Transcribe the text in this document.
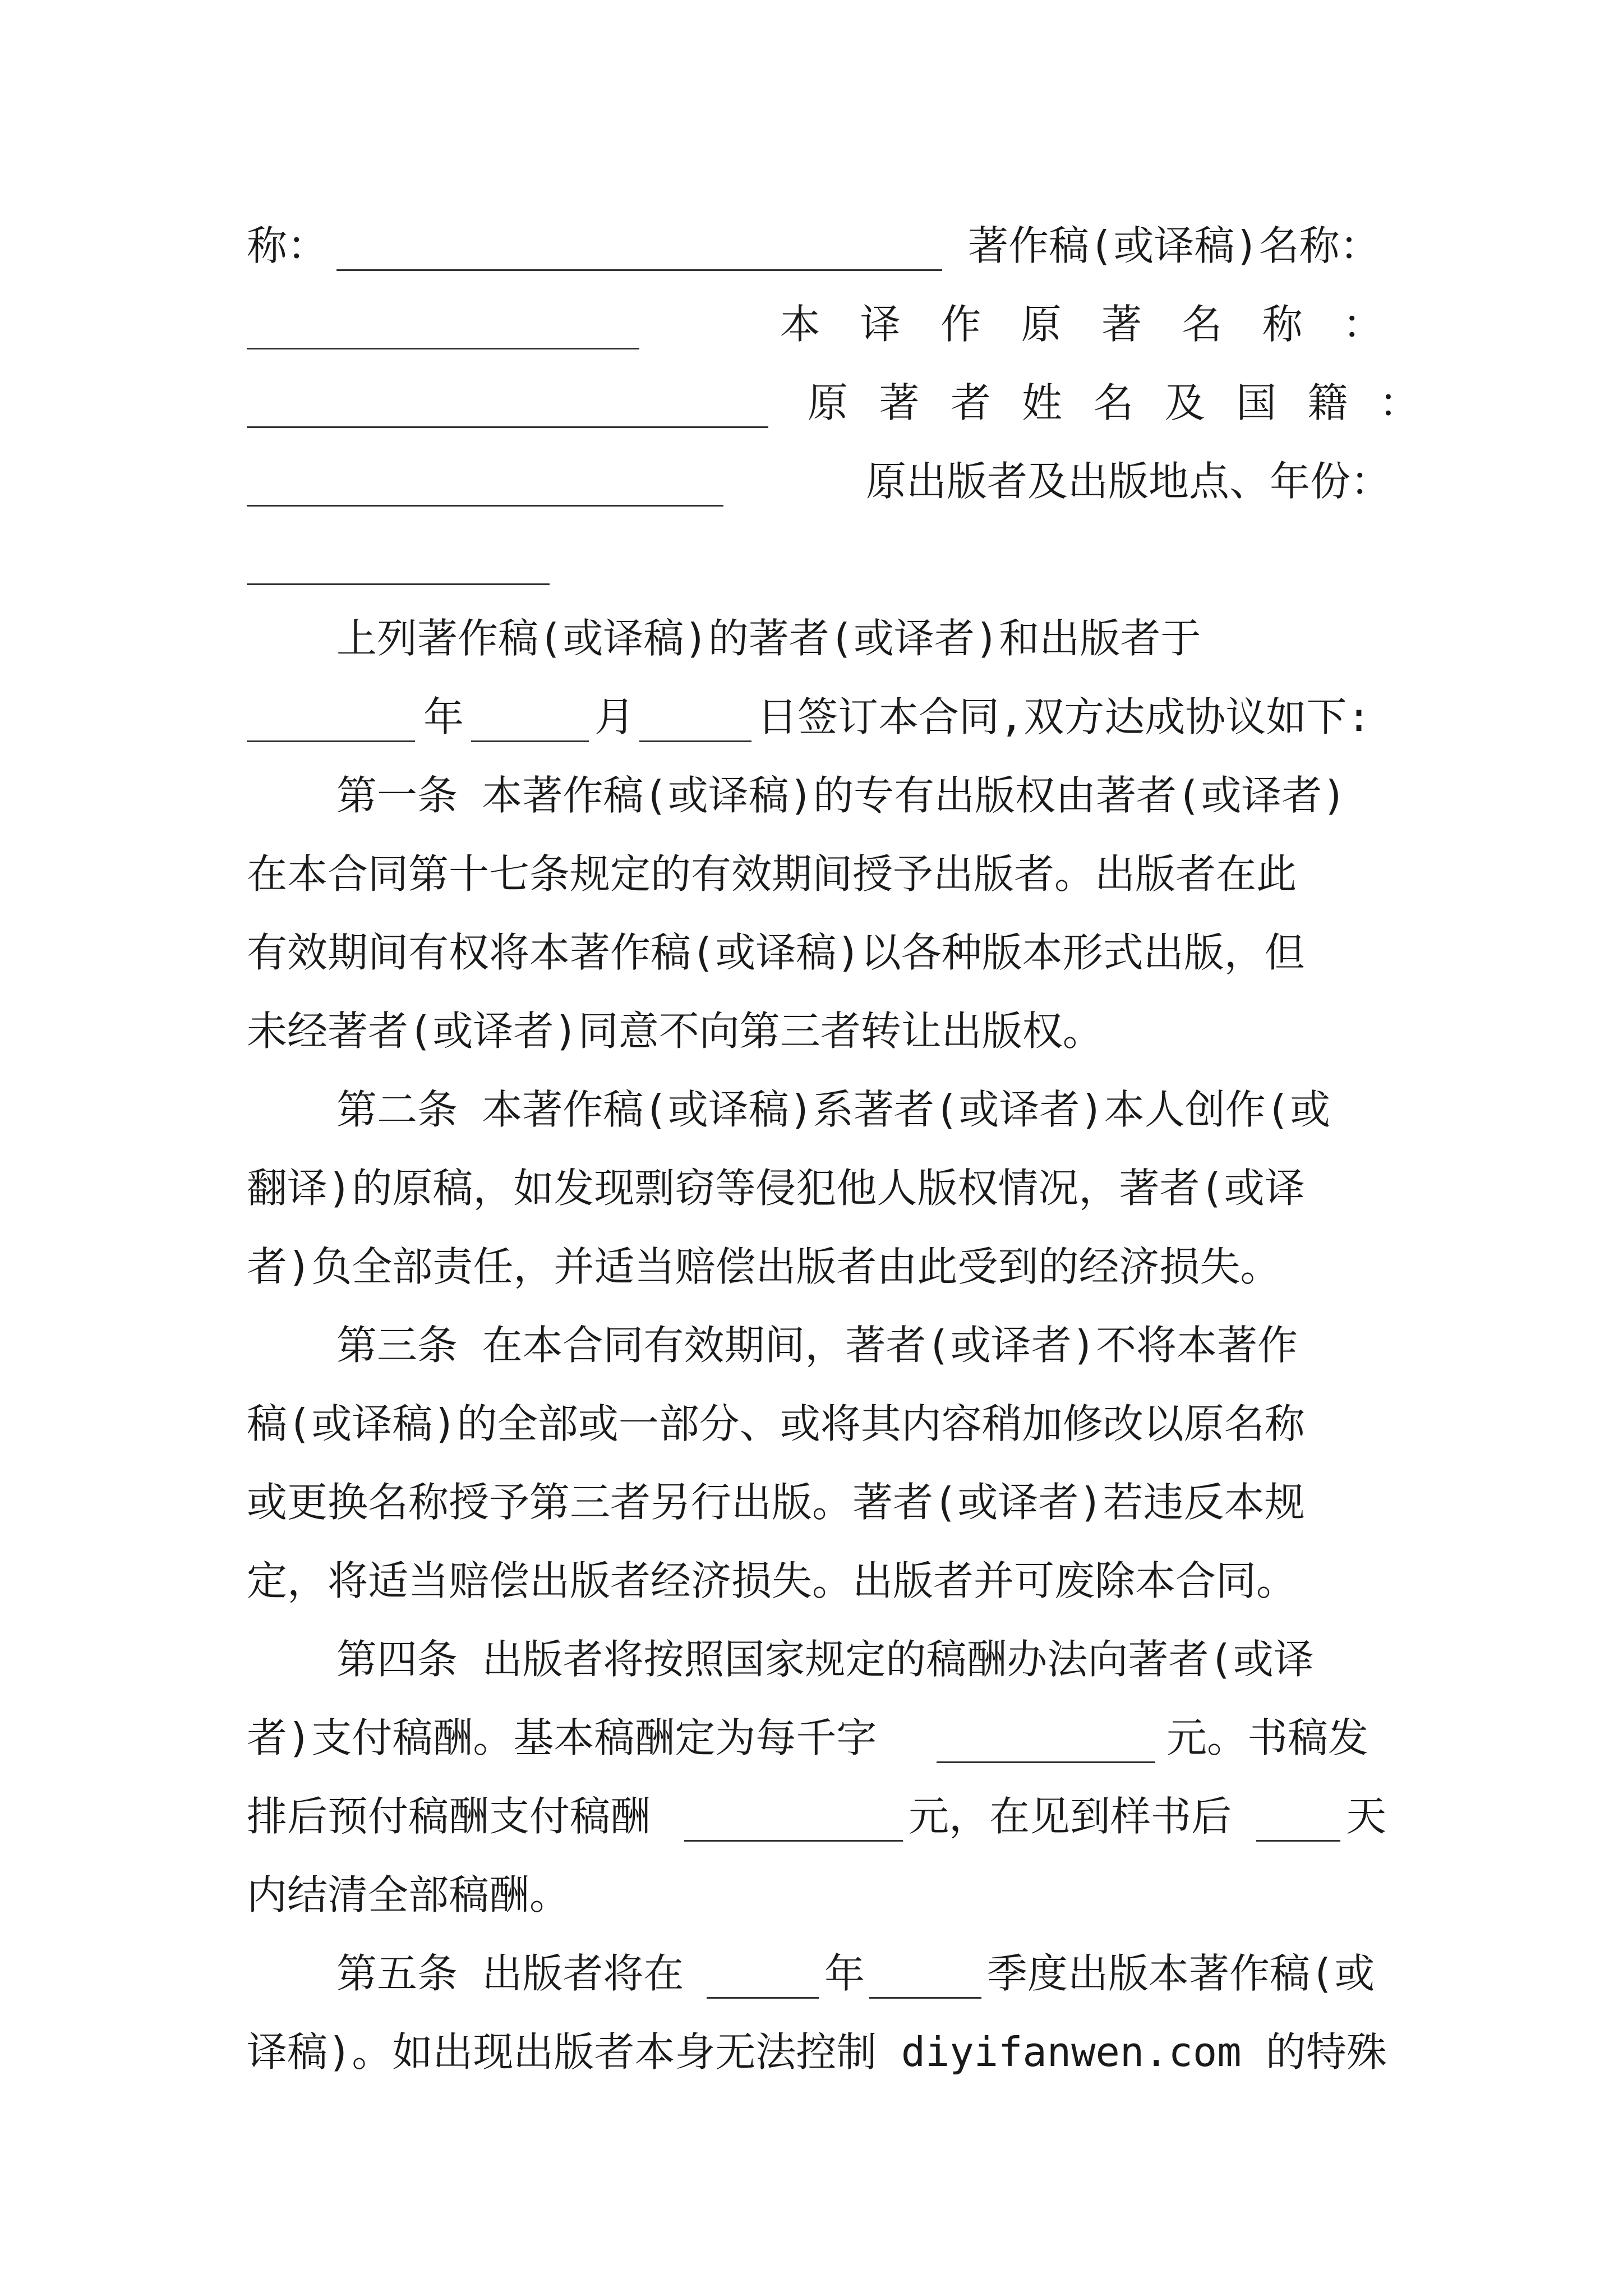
称：	著作稿(或译稿)名称：
本 译 作 原 著 名 称 ：
原 著 者 姓 名 及 国 籍 ：
原出版者及出版地点、年份：
上列著作稿(或译稿)的著者(或译者)和出版者于
年	月	日签订本合同,双方达成协议如下:
第一条 本著作稿(或译稿)的专有出版权由著者(或译者)
在本合同第十七条规定的有效期间授予出版者。出版者在此
有效期间有权将本著作稿(或译稿)以各种版本形式出版，但
未经著者(或译者)同意不向第三者转让出版权。
第二条 本著作稿(或译稿)系著者(或译者)本人创作(或
翻译)的原稿，如发现剽窃等侵犯他人版权情况，著者(或译
者)负全部责任，并适当赔偿出版者由此受到的经济损失。
第三条 在本合同有效期间，著者(或译者)不将本著作
稿(或译稿)的全部或一部分、或将其内容稍加修改以原名称
或更换名称授予第三者另行出版。著者(或译者)若违反本规
定，将适当赔偿出版者经济损失。出版者并可废除本合同。
第四条 出版者将按照国家规定的稿酬办法向著者(或译
者)支付稿酬。基本稿酬定为每千字	元。书稿发
排后预付稿酬支付稿酬	元，在见到样书后	天
内结清全部稿酬。
第五条 出版者将在	年	季度出版本著作稿(或
译稿)。如出现出版者本身无法控制 diyifanwen.com 的特殊
